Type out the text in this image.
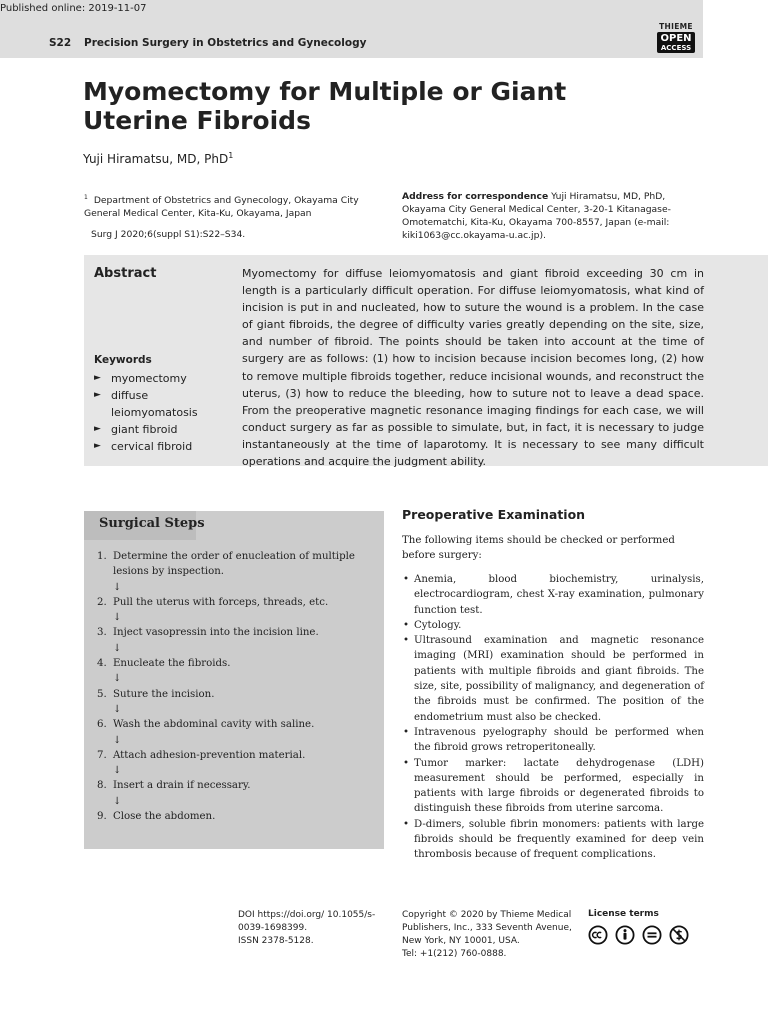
Published online: 2019-11-07
S22 Precision Surgery in Obstetrics and Gynecology
THIEME
OPEN
ACCESS
Myomectomy for Multiple or Giant Uterine Fibroids
Yuji Hiramatsu, MD, PhD$^1$
$^1$ Department of Obstetrics and Gynecology, Okayama City General Medical Center, Kita-Ku, Okayama, Japan
Surg J 2020;6(suppl S1):S22–S34.
Address for correspondence Yuji Hiramatsu, MD, PhD, Okayama City General Medical Center, 3-20-1 Kitanagase-Omotematchi, Kita-Ku, Okayama 700-8557, Japan (e-mail: kiki1063@cc.okayama-u.ac.jp).
Abstract
Keywords
► myomectomy
► diffuse leiomyomatosis
► giant fibroid
► cervical fibroid

Myomectomy for diffuse leiomyomatosis and giant fibroid exceeding 30 cm in length is a particularly difficult operation. For diffuse leiomyomatosis, what kind of incision is put in and nucleated, how to suture the wound is a problem. In the case of giant fibroids, the degree of difficulty varies greatly depending on the site, size, and number of fibroid. The points should be taken into account at the time of surgery are as follows: (1) how to incision because incision becomes long, (2) how to remove multiple fibroids together, reduce incisional wounds, and reconstruct the uterus, (3) how to reduce the bleeding, how to suture not to leave a dead space. From the preoperative magnetic resonance imaging findings for each case, we will conduct surgery as far as possible to simulate, but, in fact, it is necessary to judge instantaneously at the time of laparotomy. It is necessary to see many difficult operations and acquire the judgment ability.

Surgical Steps
1. Determine the order of enucleation of multiple lesions by inspection.
↓
2. Pull the uterus with forceps, threads, etc.
↓
3. Inject vasopressin into the incision line.
↓
4. Enucleate the fibroids.
↓
5. Suture the incision.
↓
6. Wash the abdominal cavity with saline.
↓
7. Attach adhesion-prevention material.
↓
8. Insert a drain if necessary.
↓
9. Close the abdomen.
Preoperative Examination

The following items should be checked or performed before surgery:

• Anemia, blood biochemistry, urinalysis, electrocardiogram, chest X-ray examination, pulmonary function test.
• Cytology.
• Ultrasound examination and magnetic resonance imaging (MRI) examination should be performed in patients with multiple fibroids and giant fibroids. The size, site, possibility of malignancy, and degeneration of the fibroids must be confirmed. The position of the endometrium must also be checked.
• Intravenous pyelography should be performed when the fibroid grows retroperitoneally.
• Tumor marker: lactate dehydrogenase (LDH) measurement should be performed, especially in patients with large fibroids or degenerated fibroids to distinguish these fibroids from uterine sarcoma.
• D-dimers, soluble fibrin monomers: patients with large fibroids should be frequently examined for deep vein thrombosis because of frequent complications.
DOI https://doi.org/ 10.1055/s-0039-1698399.
ISSN 2378-5128.
Copyright © 2020 by Thieme Medical Publishers, Inc., 333 Seventh Avenue, New York, NY 10001, USA.
Tel: +1(212) 760-0888.
License terms
